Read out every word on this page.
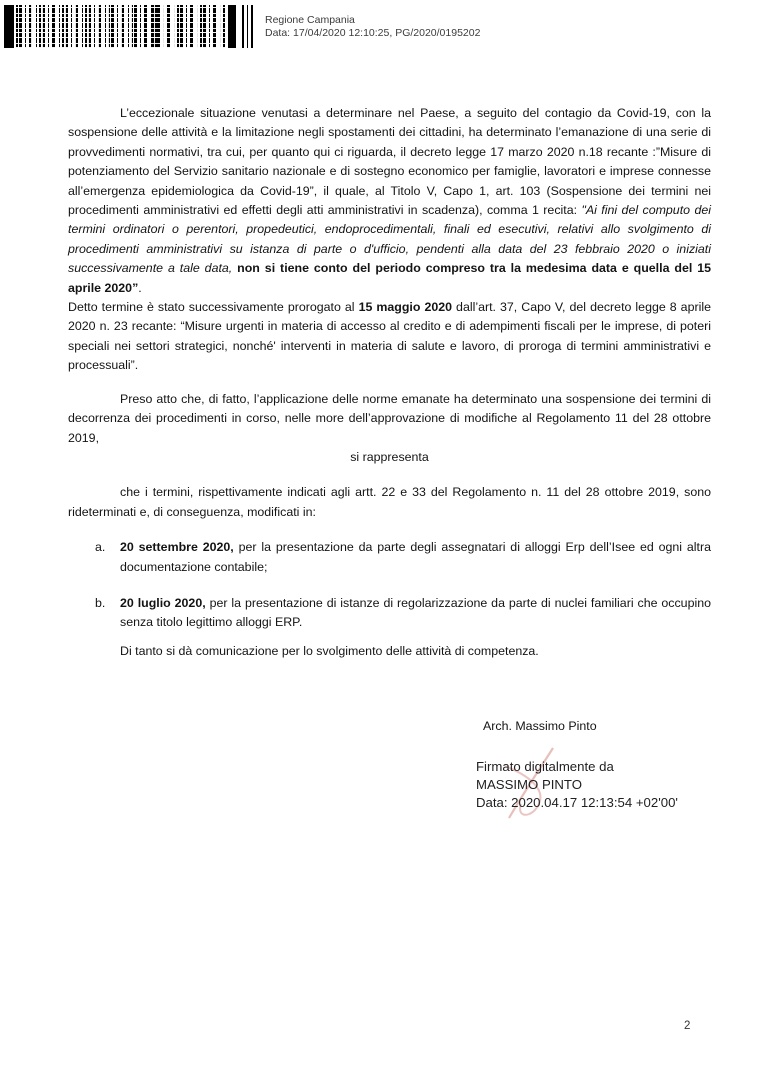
Regione Campania
Data: 17/04/2020 12:10:25, PG/2020/0195202

L’eccezionale situazione venutasi a determinare nel Paese, a seguito del contagio da Covid-19, con la sospensione delle attività e la limitazione negli spostamenti dei cittadini, ha determinato l’emanazione di una serie di provvedimenti normativi, tra cui, per quanto qui ci riguarda, il decreto legge 17 marzo 2020 n.18 recante :”Misure di potenziamento del Servizio sanitario nazionale e di sostegno economico per famiglie, lavoratori e imprese connesse all’emergenza epidemiologica da Covid-19”, il quale, al Titolo V, Capo 1, art. 103 (Sospensione dei termini nei procedimenti amministrativi ed effetti degli atti amministrativi in scadenza), comma 1 recita: "Ai fini del computo dei termini ordinatori o perentori, propedeutici, endoprocedimentali, finali ed esecutivi, relativi allo svolgimento di procedimenti amministrativi su istanza di parte o d'ufficio, pendenti alla data del 23 febbraio 2020 o iniziati successivamente a tale data, non si tiene conto del periodo compreso tra la medesima data e quella del 15 aprile 2020”.

Detto termine è stato successivamente prorogato al 15 maggio 2020 dall’art. 37, Capo V, del decreto legge 8 aprile 2020 n. 23 recante: “Misure urgenti in materia di accesso al credito e di adempimenti fiscali per le imprese, di poteri speciali nei settori strategici, nonché' interventi in materia di salute e lavoro, di proroga di termini amministrativi e processuali”.

Preso atto che, di fatto, l’applicazione delle norme emanate ha determinato una sospensione dei termini di decorrenza dei procedimenti in corso, nelle more dell’approvazione di modifiche al Regolamento 11 del 28 ottobre 2019,

si rappresenta

che i termini, rispettivamente indicati agli artt. 22 e 33 del Regolamento n. 11 del 28 ottobre 2019, sono rideterminati e, di conseguenza, modificati in:

a. 20 settembre 2020, per la presentazione da parte degli assegnatari di alloggi Erp dell’Isee ed ogni altra documentazione contabile;
b. 20 luglio 2020, per la presentazione di istanze di regolarizzazione da parte di nuclei familiari che occupino senza titolo legittimo alloggi ERP.

Di tanto si dà comunicazione per lo svolgimento delle attività di competenza.

Arch. Massimo Pinto
Firmato digitalmente da
MASSIMO PINTO
Data: 2020.04.17 12:13:54 +02'00'
2
